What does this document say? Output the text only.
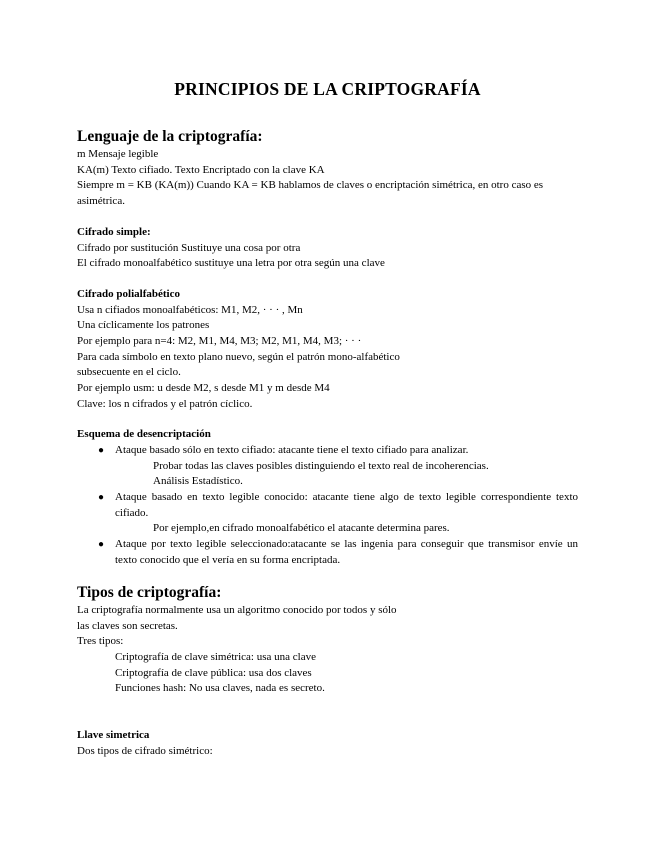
PRINCIPIOS DE LA CRIPTOGRAFÍA
Lenguaje de la criptografía:
m Mensaje legible
KA(m) Texto cifiado. Texto Encriptado con la clave KA
Siempre m = KB (KA(m)) Cuando KA = KB hablamos de claves o encriptación simétrica, en otro caso es
asimétrica.
Cifrado simple:
Cifrado por sustitución Sustituye una cosa por otra
El cifrado monoalfabético sustituye una letra por otra según una clave
Cifrado polialfabético
Usa n cifiados monoalfabéticos: M1, M2, · · · , Mn
Una cíclicamente los patrones
Por ejemplo para n=4: M2, M1, M4, M3; M2, M1, M4, M3; · · ·
Para cada símbolo en texto plano nuevo, según el patrón mono-alfabético
subsecuente en el ciclo.
Por ejemplo usm: u desde M2, s desde M1 y m desde M4
Clave: los n cifrados y el patrón cíclico.
Esquema de desencriptación
● Ataque basado sólo en texto cifiado: atacante tiene el texto cifiado para analizar.
Probar todas las claves posibles distinguiendo el texto real de incoherencias.
Análisis Estadístico.
● Ataque basado en texto legible conocido: atacante tiene algo de texto legible correspondiente texto cifiado.
Por ejemplo,en cifrado monoalfabético el atacante determina pares.
● Ataque por texto legible seleccionado:atacante se las ingenia para conseguir que transmisor envíe un texto conocido que el vería en su forma encriptada.
Tipos de criptografía:
La criptografía normalmente usa un algoritmo conocido por todos y sólo
las claves son secretas.
Tres tipos:
Criptografía de clave simétrica: usa una clave
Criptografía de clave pública: usa dos claves
Funciones hash: No usa claves, nada es secreto.
Llave simetrica
Dos tipos de cifrado simétrico:
